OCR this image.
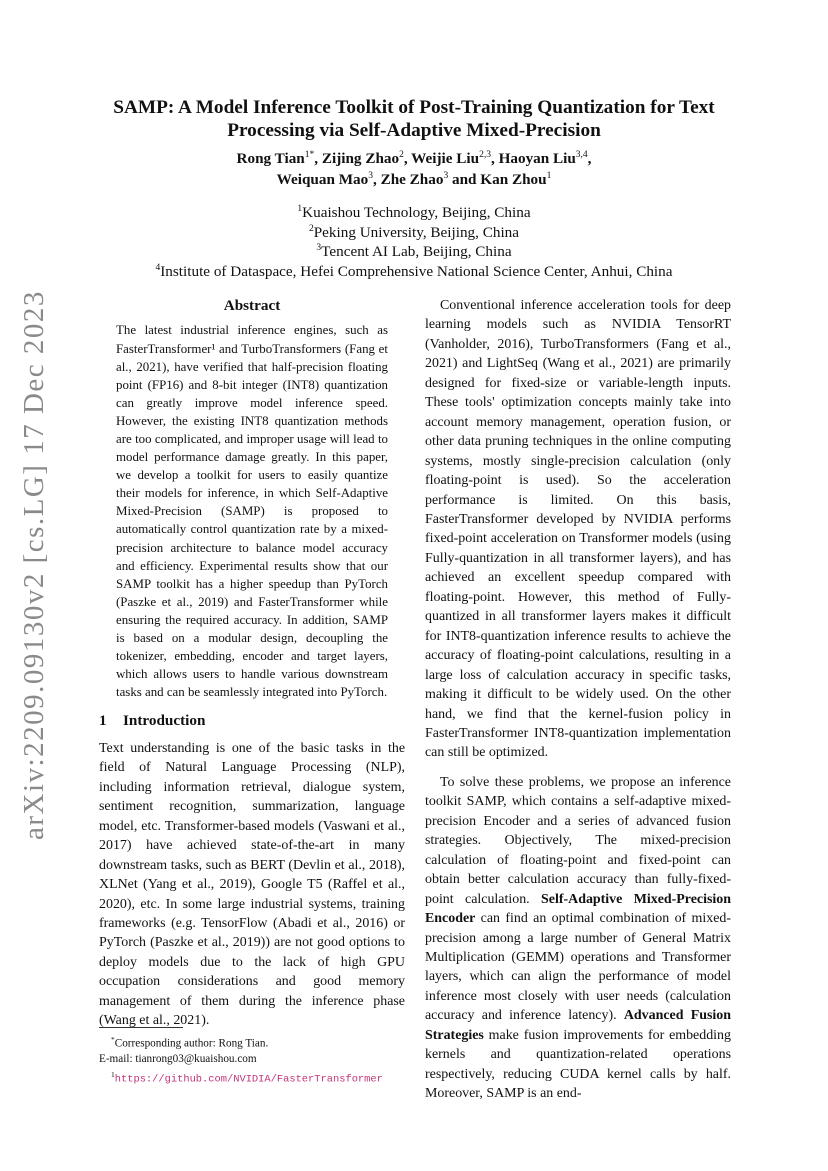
arXiv:2209.09130v2 [cs.LG] 17 Dec 2023
SAMP: A Model Inference Toolkit of Post-Training Quantization for Text
Processing via Self-Adaptive Mixed-Precision
Rong Tian$^{1*}$, Zijing Zhao$^2$, Weijie Liu$^{2,3}$, Haoyan Liu$^{3,4}$,
Weiquan Mao$^3$, Zhe Zhao$^3$ and Kan Zhou$^1$
$^1$Kuaishou Technology, Beijing, China
$^2$Peking University, Beijing, China
$^3$Tencent AI Lab, Beijing, China
$^4$Institute of Dataspace, Hefei Comprehensive National Science Center, Anhui, China
Abstract
The latest industrial inference engines, such as FasterTransformer¹ and TurboTransformers (Fang et al., 2021), have verified that half-precision floating point (FP16) and 8-bit integer (INT8) quantization can greatly improve model inference speed. However, the existing INT8 quantization methods are too complicated, and improper usage will lead to model performance damage greatly. In this paper, we develop a toolkit for users to easily quantize their models for inference, in which Self-Adaptive Mixed-Precision (SAMP) is proposed to automatically control quantization rate by a mixed-precision architecture to balance model accuracy and efficiency. Experimental results show that our SAMP toolkit has a higher speedup than PyTorch (Paszke et al., 2019) and FasterTransformer while ensuring the required accuracy. In addition, SAMP is based on a modular design, decoupling the tokenizer, embedding, encoder and target layers, which allows users to handle various downstream tasks and can be seamlessly integrated into PyTorch.
1 Introduction

Text understanding is one of the basic tasks in the field of Natural Language Processing (NLP), including information retrieval, dialogue system, sentiment recognition, summarization, language model, etc. Transformer-based models (Vaswani et al., 2017) have achieved state-of-the-art in many downstream tasks, such as BERT (Devlin et al., 2018), XLNet (Yang et al., 2019), Google T5 (Raffel et al., 2020), etc. In some large industrial systems, training frameworks (e.g. TensorFlow (Abadi et al., 2016) or PyTorch (Paszke et al., 2019)) are not good options to deploy models due to the lack of high GPU occupation considerations and good memory management of them during the inference phase (Wang et al., 2021).

Conventional inference acceleration tools for deep learning models such as NVIDIA TensorRT (Vanholder, 2016), TurboTransformers (Fang et al., 2021) and LightSeq (Wang et al., 2021) are primarily designed for fixed-size or variable-length inputs. These tools' optimization concepts mainly take into account memory management, operation fusion, or other data pruning techniques in the online computing systems, mostly single-precision calculation (only floating-point is used). So the acceleration performance is limited. On this basis, FasterTransformer developed by NVIDIA performs fixed-point acceleration on Transformer models (using Fully-quantization in all transformer layers), and has achieved an excellent speedup compared with floating-point. However, this method of Fully-quantized in all transformer layers makes it difficult for INT8-quantization inference results to achieve the accuracy of floating-point calculations, resulting in a large loss of calculation accuracy in specific tasks, making it difficult to be widely used. On the other hand, we find that the kernel-fusion policy in FasterTransformer INT8-quantization implementation can still be optimized.

To solve these problems, we propose an inference toolkit SAMP, which contains a self-adaptive mixed-precision Encoder and a series of advanced fusion strategies. Objectively, The mixed-precision calculation of floating-point and fixed-point can obtain better calculation accuracy than fully-fixed-point calculation. Self-Adaptive Mixed-Precision Encoder can find an optimal combination of mixed-precision among a large number of General Matrix Multiplication (GEMM) operations and Transformer layers, which can align the performance of model inference most closely with user needs (calculation accuracy and inference latency). Advanced Fusion Strategies make fusion improvements for embedding kernels and quantization-related operations respectively, reducing CUDA kernel calls by half. Moreover, SAMP is an end-

*Corresponding author: Rong Tian.

E-mail: tianrong03@kuaishou.com

$^1$https://github.com/NVIDIA/FasterTransformer
